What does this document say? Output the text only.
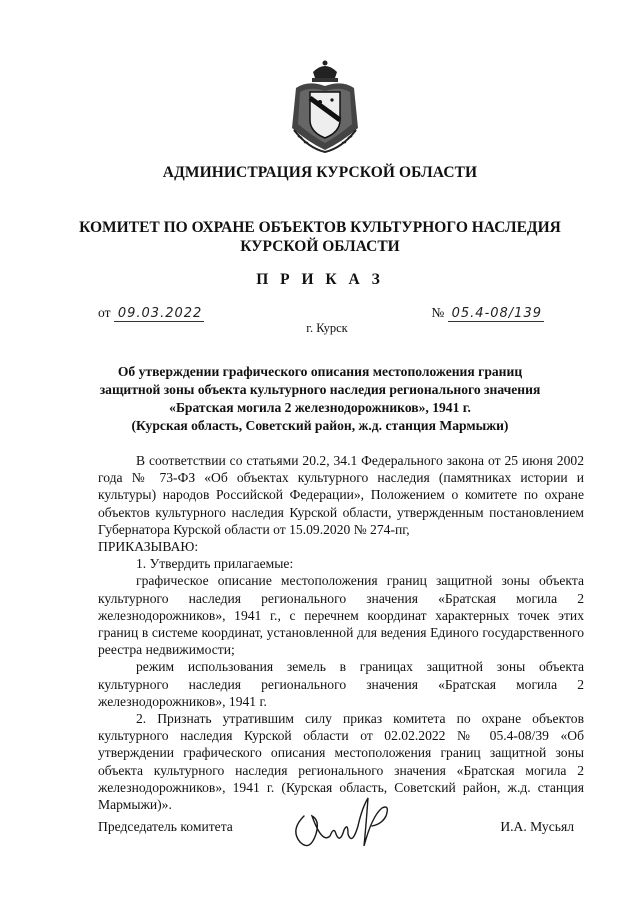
АДМИНИСТРАЦИЯ КУРСКОЙ ОБЛАСТИ
КОМИТЕТ ПО ОХРАНЕ ОБЪЕКТОВ КУЛЬТУРНОГО НАСЛЕДИЯ
КУРСКОЙ ОБЛАСТИ
П Р И К А З
от 09.03.2022	№ 05.4-08/139
г. Курск
Об утверждении графического описания местоположения границ
защитной зоны объекта культурного наследия регионального значения
«Братская могила 2 железнодорожников», 1941 г.
(Курская область, Советский район, ж.д. станция Мармыжи)

В соответствии со статьями 20.2, 34.1 Федерального закона от 25 июня 2002 года № 73-ФЗ «Об объектах культурного наследия (памятниках истории и культуры) народов Российской Федерации», Положением о комитете по охране объектов культурного наследия Курской области, утвержденным постановлением Губернатора Курской области от 15.09.2020 № 274-пг,

ПРИКАЗЫВАЮ:

1. Утвердить прилагаемые:

графическое описание местоположения границ защитной зоны объекта культурного наследия регионального значения «Братская могила 2 железнодорожников», 1941 г., с перечнем координат характерных точек этих границ в системе координат, установленной для ведения Единого государственного реестра недвижимости;

режим использования земель в границах защитной зоны объекта культурного наследия регионального значения «Братская могила 2 железнодорожников», 1941 г.

2. Признать утратившим силу приказ комитета по охране объектов культурного наследия Курской области от 02.02.2022 № 05.4-08/39 «Об утверждении графического описания местоположения границ защитной зоны объекта культурного наследия регионального значения «Братская могила 2 железнодорожников», 1941 г. (Курская область, Советский район, ж.д. станция Мармыжи)».

Председатель комитета	И.А. Мусьял
